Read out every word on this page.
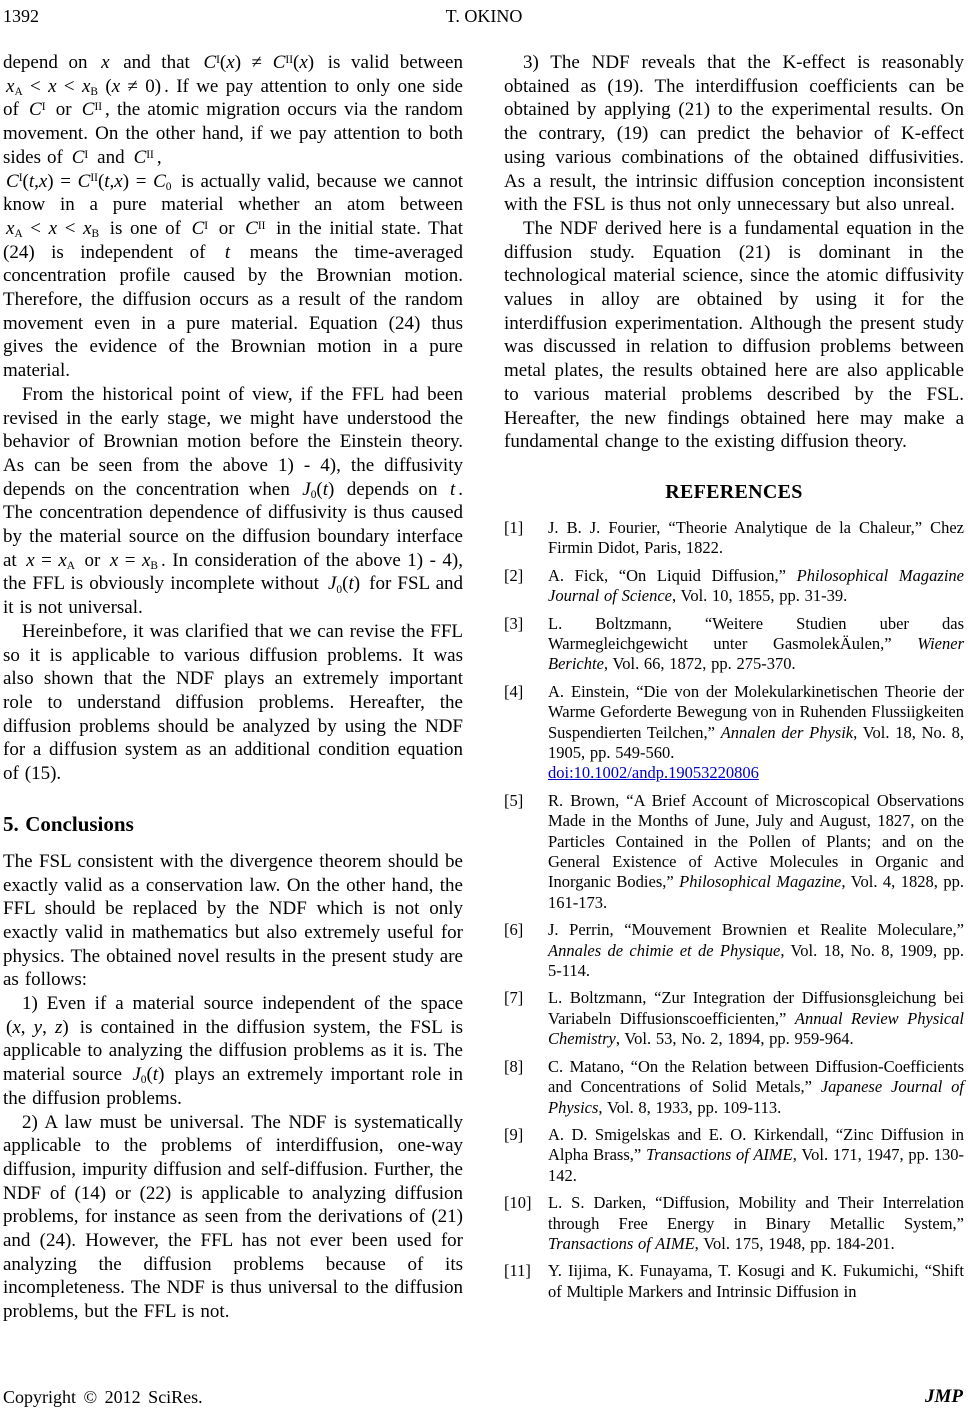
1392	T. OKINO

depend on x and that $C^I(x) \ne C^{II}(x)$ is valid between $x_A < x < x_B$ (x ≠ 0) . If we pay attention to only one side of $C^I$ or $C^{II}$ , the atomic migration occurs via the random movement. On the other hand, if we pay attention to both sides of $C^I$ and $C^{II}$ ,

$C^I(t,x) = C^{II}(t,x) = C_0$ is actually valid, because we cannot know in a pure material whether an atom between $x_A < x < x_B$ is one of $C^I$ or $C^{II}$ in the initial state. That (24) is independent of t means the time-averaged concentration profile caused by the Brownian motion. Therefore, the diffusion occurs as a result of the random movement even in a pure material. Equation (24) thus gives the evidence of the Brownian motion in a pure material.

From the historical point of view, if the FFL had been revised in the early stage, we might have understood the behavior of Brownian motion before the Einstein theory. As can be seen from the above 1) - 4), the diffusivity depends on the concentration when $J_0(t)$ depends on t . The concentration dependence of diffusivity is thus caused by the material source on the diffusion boundary interface at $x = x_A$ or $x = x_B$ . In consideration of the above 1) - 4), the FFL is obviously incomplete without $J_0(t)$ for FSL and it is not universal.

Hereinbefore, it was clarified that we can revise the FFL so it is applicable to various diffusion problems. It was also shown that the NDF plays an extremely important role to understand diffusion problems. Hereafter, the diffusion problems should be analyzed by using the NDF for a diffusion system as an additional condition equation of (15).

5. Conclusions

The FSL consistent with the divergence theorem should be exactly valid as a conservation law. On the other hand, the FFL should be replaced by the NDF which is not only exactly valid in mathematics but also extremely useful for physics. The obtained novel results in the present study are as follows:

1) Even if a material source independent of the space (x, y, z) is contained in the diffusion system, the FSL is applicable to analyzing the diffusion problems as it is. The material source $J_0(t)$ plays an extremely important role in the diffusion problems.

2) A law must be universal. The NDF is systematically applicable to the problems of interdiffusion, one-way diffusion, impurity diffusion and self-diffusion. Further, the NDF of (14) or (22) is applicable to analyzing diffusion problems, for instance as seen from the derivations of (21) and (24). However, the FFL has not ever been used for analyzing the diffusion problems because of its incompleteness. The NDF is thus universal to the diffusion problems, but the FFL is not.

3) The NDF reveals that the K-effect is reasonably obtained as (19). The interdiffusion coefficients can be obtained by applying (21) to the experimental results. On the contrary, (19) can predict the behavior of K-effect using various combinations of the obtained diffusivities. As a result, the intrinsic diffusion conception inconsistent with the FSL is thus not only unnecessary but also unreal.

The NDF derived here is a fundamental equation in the diffusion study. Equation (21) is dominant in the technological material science, since the atomic diffusivity values in alloy are obtained by using it for the interdiffusion experimentation. Although the present study was discussed in relation to diffusion problems between metal plates, the results obtained here are also applicable to various material problems described by the FSL. Hereafter, the new findings obtained here may make a fundamental change to the existing diffusion theory.

REFERENCES
[1] J. B. J. Fourier, “Theorie Analytique de la Chaleur,” Chez Firmin Didot, Paris, 1822.
[2] A. Fick, “On Liquid Diffusion,” Philosophical Magazine Journal of Science, Vol. 10, 1855, pp. 31-39.
[3] L. Boltzmann, “Weitere Studien uber das Warmegleichgewicht unter GasmolekÄulen,” Wiener Berichte, Vol. 66, 1872, pp. 275-370.
[4] A. Einstein, “Die von der Molekularkinetischen Theorie der Warme Geforderte Bewegung von in Ruhenden Flussiigkeiten Suspendierten Teilchen,” Annalen der Physik, Vol. 18, No. 8, 1905, pp. 549-560.
doi:10.1002/andp.19053220806
[5] R. Brown, “A Brief Account of Microscopical Observations Made in the Months of June, July and August, 1827, on the Particles Contained in the Pollen of Plants; and on the General Existence of Active Molecules in Organic and Inorganic Bodies,” Philosophical Magazine, Vol. 4, 1828, pp. 161-173.
[6] J. Perrin, “Mouvement Brownien et Realite Moleculare,” Annales de chimie et de Physique, Vol. 18, No. 8, 1909, pp. 5-114.
[7] L. Boltzmann, “Zur Integration der Diffusionsgleichung bei Variabeln Diffusionscoefficienten,” Annual Review Physical Chemistry, Vol. 53, No. 2, 1894, pp. 959-964.
[8] C. Matano, “On the Relation between Diffusion-Coefficients and Concentrations of Solid Metals,” Japanese Journal of Physics, Vol. 8, 1933, pp. 109-113.
[9] A. D. Smigelskas and E. O. Kirkendall, “Zinc Diffusion in Alpha Brass,” Transactions of AIME, Vol. 171, 1947, pp. 130-142.
[10] L. S. Darken, “Diffusion, Mobility and Their Interrelation through Free Energy in Binary Metallic System,” Transactions of AIME, Vol. 175, 1948, pp. 184-201.
[11] Y. Iijima, K. Funayama, T. Kosugi and K. Fukumichi, “Shift of Multiple Markers and Intrinsic Diffusion in
Copyright © 2012 SciRes.	JMP
